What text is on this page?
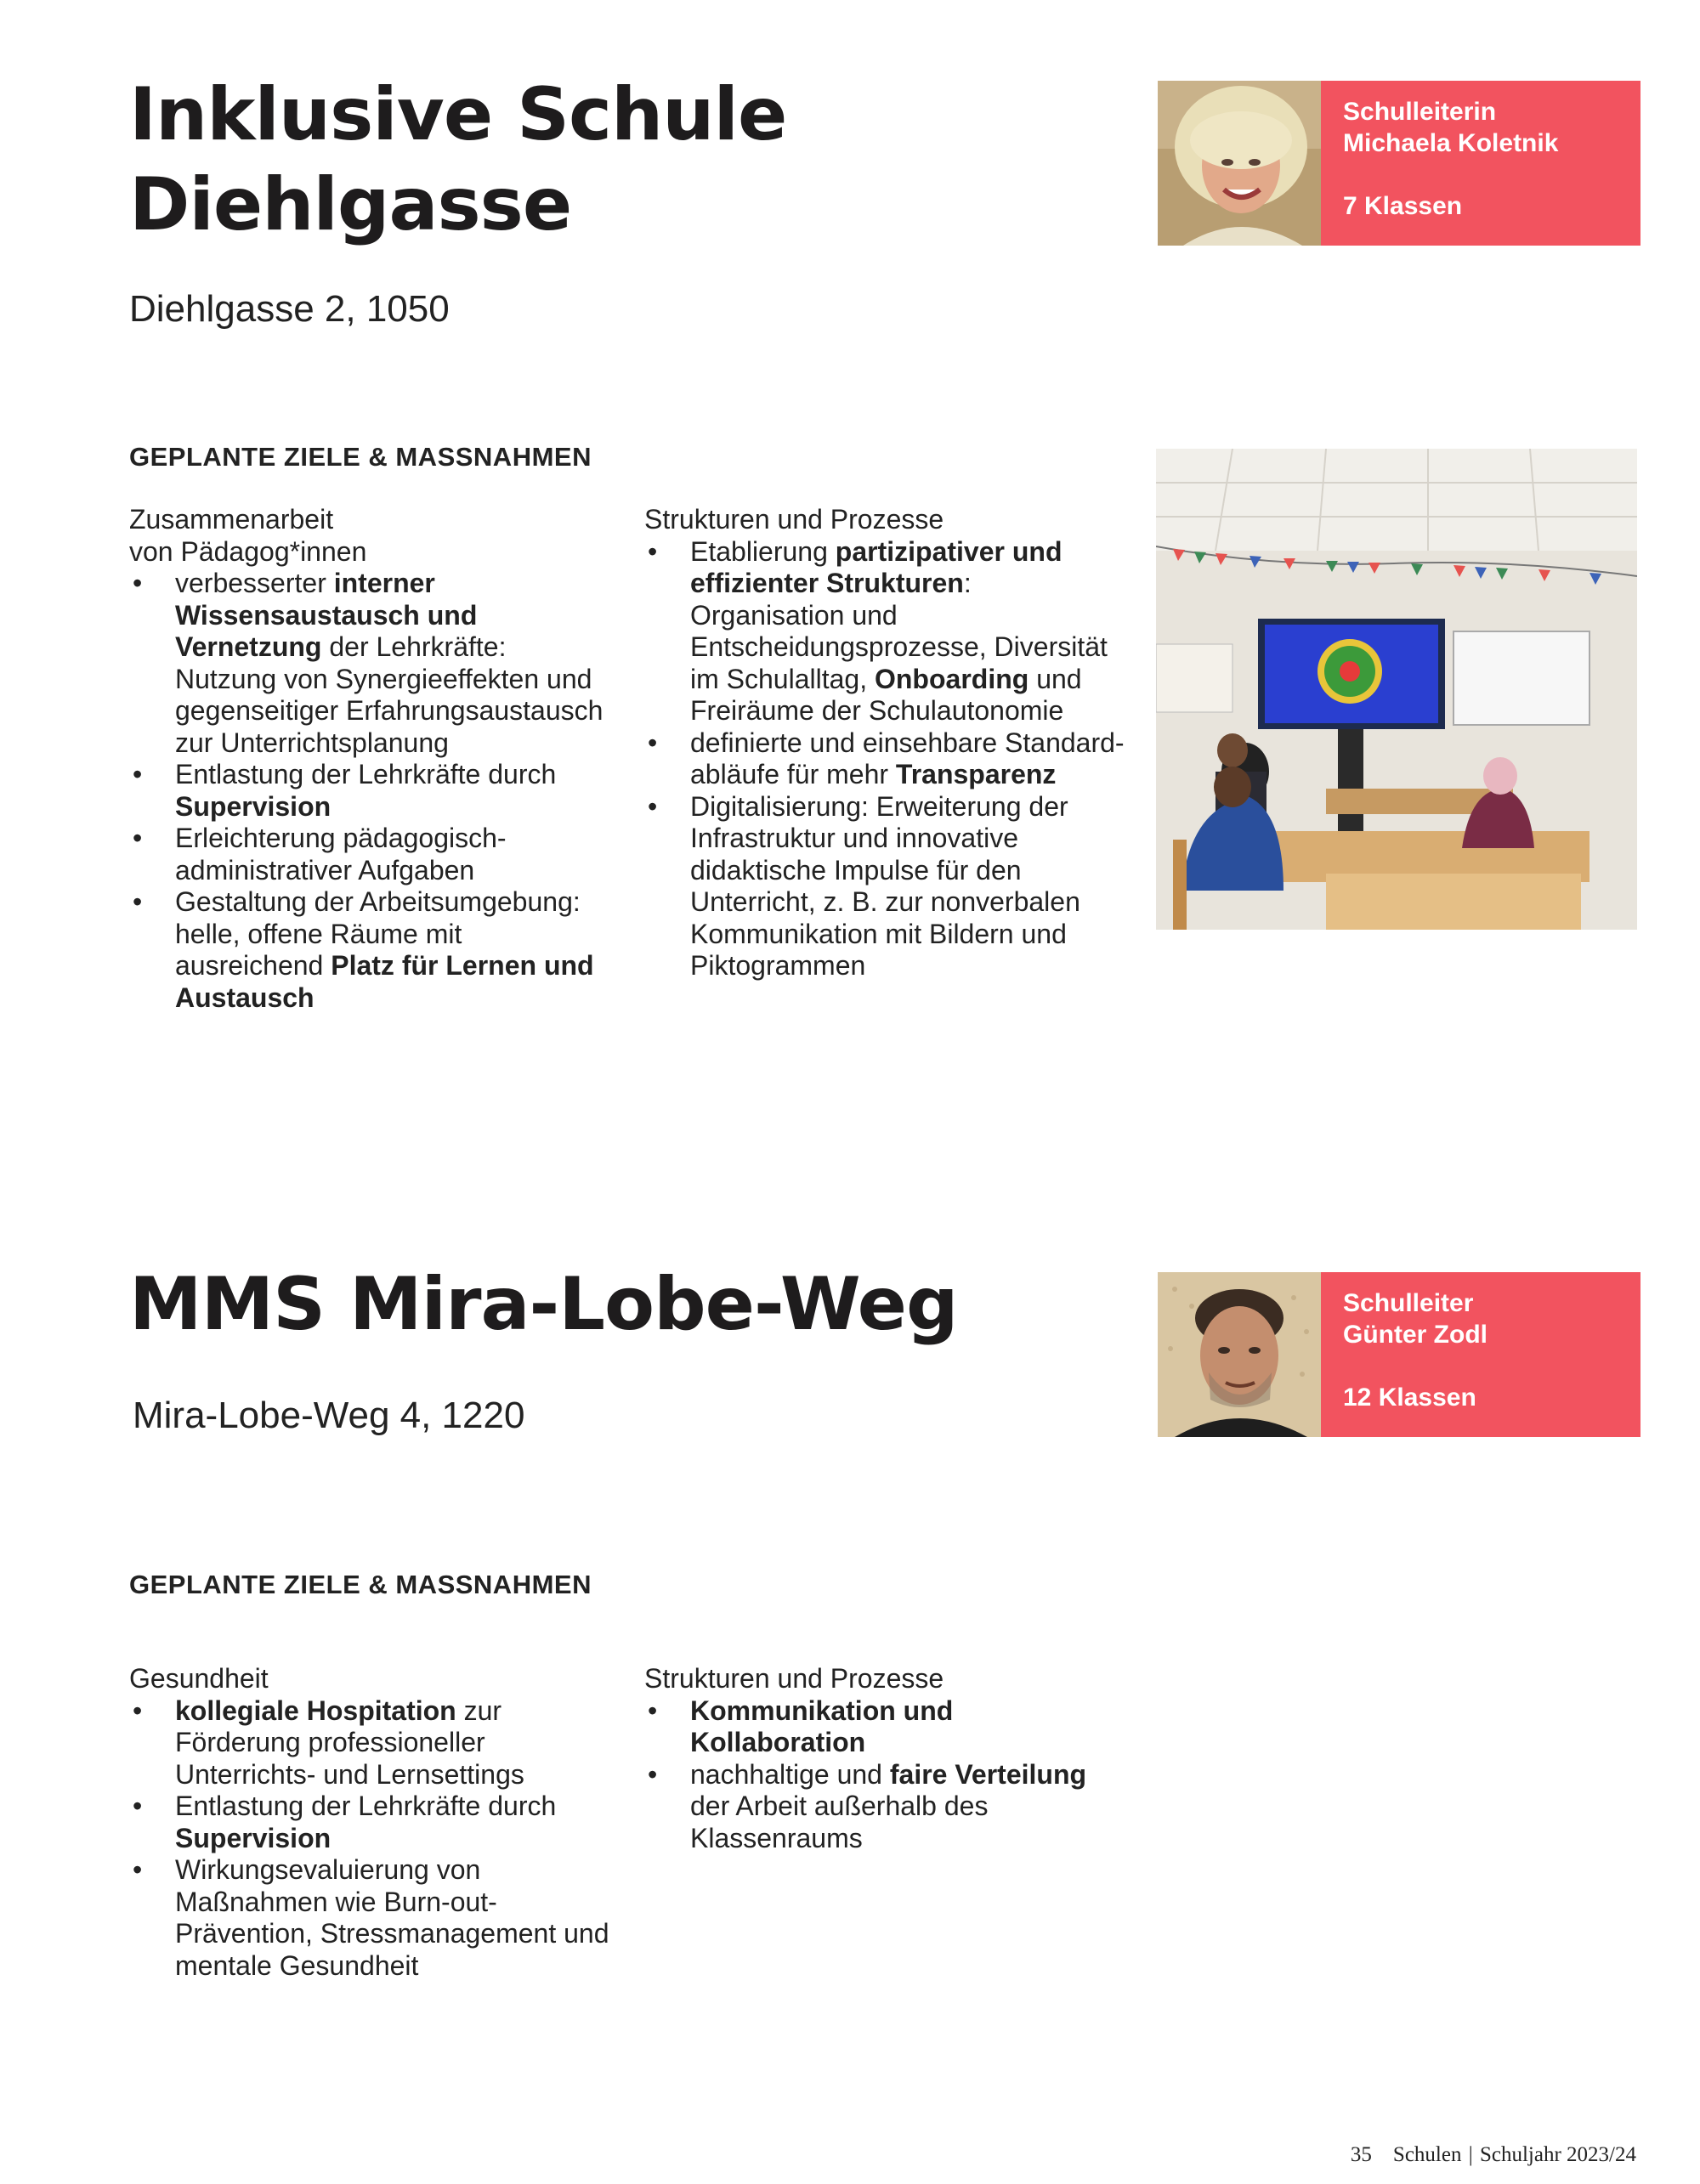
Inklusive Schule
Diehlgasse
Diehlgasse 2, 1050
Schulleiterin
Michaela Koletnik
7 Klassen
GEPLANTE ZIELE & MASSNAHMEN
Zusammenarbeit
von Pädagog*innen
• verbesserter interner Wissensaustausch und Vernetzung der Lehrkräfte: Nutzung von Synergieeffekten und gegenseitiger Erfahrungsaustausch zur Unterrichtsplanung
• Entlastung der Lehrkräfte durch Supervision
• Erleichterung pädagogisch-administrativer Aufgaben
• Gestaltung der Arbeitsumgebung: helle, offene Räume mit ausreichend Platz für Lernen und Austausch
Strukturen und Prozesse
• Etablierung partizipativer und effizienter Strukturen: Organisation und Entscheidungsprozesse, Diversität im Schulalltag, Onboarding und Freiräume der Schulautonomie
• definierte und einsehbare Standard-abläufe für mehr Transparenz
• Digitalisierung: Erweiterung der Infrastruktur und innovative didaktische Impulse für den Unterricht, z. B. zur nonverbalen Kommunikation mit Bildern und Piktogrammen
MMS Mira-Lobe-Weg
Mira-Lobe-Weg 4, 1220
Schulleiter
Günter Zodl
12 Klassen
GEPLANTE ZIELE & MASSNAHMEN
Gesundheit
• kollegiale Hospitation zur Förderung professioneller Unterrichts- und Lernsettings
• Entlastung der Lehrkräfte durch Supervision
• Wirkungsevaluierung von Maßnahmen wie Burn-out-Prävention, Stressmanagement und mentale Gesundheit
Strukturen und Prozesse
• Kommunikation und Kollaboration
• nachhaltige und faire Verteilung der Arbeit außerhalb des Klassenraums
35 Schulen | Schuljahr 2023/24
